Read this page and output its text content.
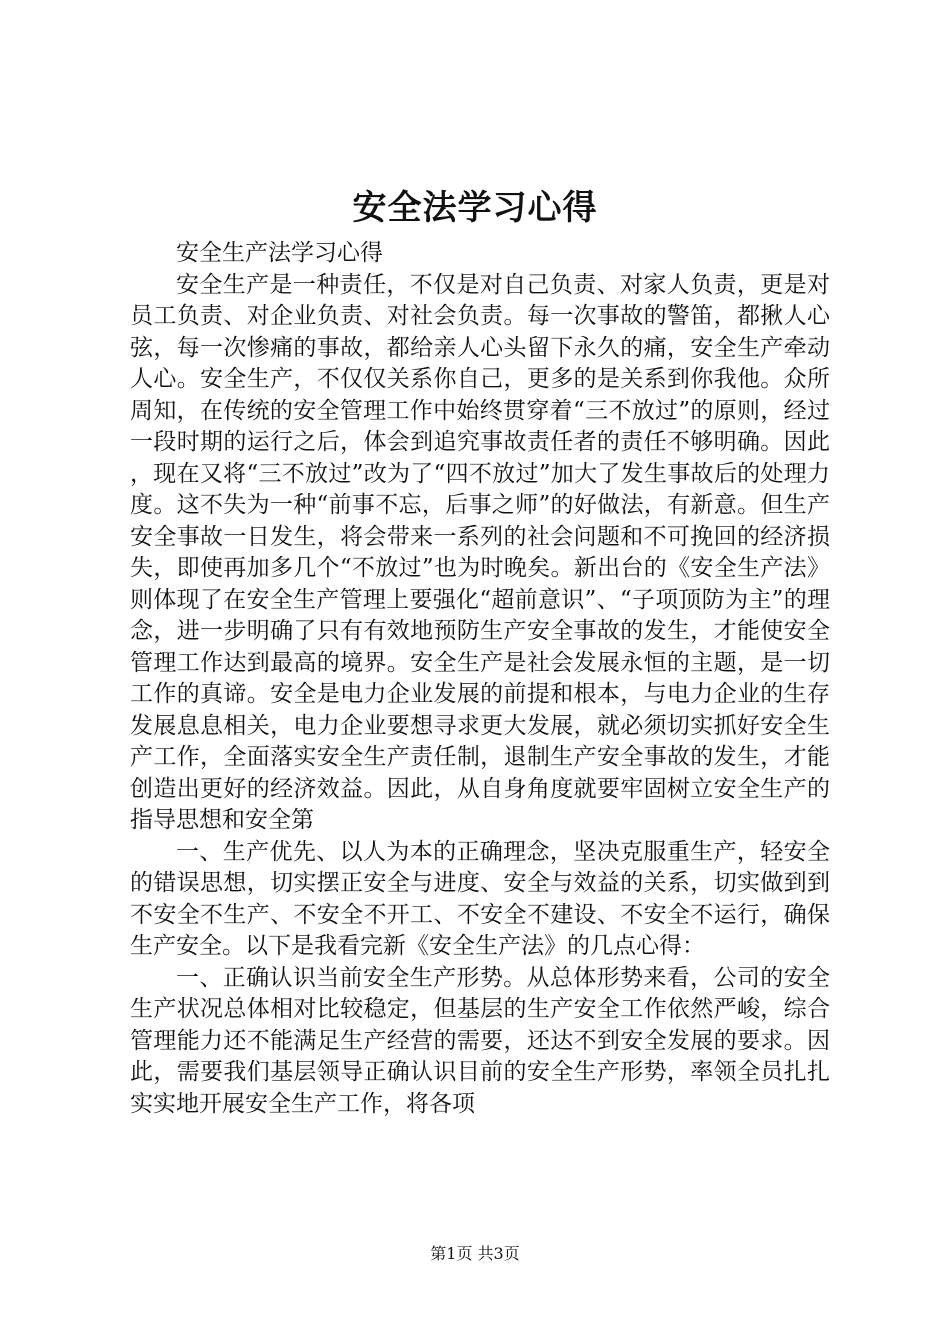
安全法学习心得

安全生产法学习心得

安全生产是一种责任，不仅是对自己负责、对家人负责，更是对员工负责、对企业负责、对社会负责。每一次事故的警笛，都揪人心弦，每一次惨痛的事故，都给亲人心头留下永久的痛，安全生产牵动人心。安全生产，不仅仅关系你自己，更多的是关系到你我他。众所周知，在传统的安全管理工作中始终贯穿着“三不放过”的原则，经过一段时期的运行之后，体会到追究事故责任者的责任不够明确。因此，现在又将“三不放过”改为了“四不放过”加大了发生事故后的处理力度。这不失为一种“前事不忘，后事之师”的好做法，有新意。但生产安全事故一日发生，将会带来一系列的社会问题和不可挽回的经济损失，即使再加多几个“不放过”也为时晚矣。新出台的《安全生产法》则体现了在安全生产管理上要强化“超前意识”、“子项顶防为主”的理念，进一步明确了只有有效地预防生产安全事故的发生，才能使安全管理工作达到最高的境界。安全生产是社会发展永恒的主题，是一切工作的真谛。安全是电力企业发展的前提和根本，与电力企业的生存发展息息相关，电力企业要想寻求更大发展，就必须切实抓好安全生产工作，全面落实安全生产责任制，退制生产安全事故的发生，才能创造出更好的经济效益。因此，从自身角度就要牢固树立安全生产的指导思想和安全第

一、生产优先、以人为本的正确理念，坚决克服重生产，轻安全的错误思想，切实摆正安全与进度、安全与效益的关系，切实做到到不安全不生产、不安全不开工、不安全不建设、不安全不运行，确保生产安全。以下是我看完新《安全生产法》的几点心得：

一、正确认识当前安全生产形势。从总体形势来看，公司的安全生产状况总体相对比较稳定，但基层的生产安全工作依然严峻，综合管理能力还不能满足生产经营的需要，还达不到安全发展的要求。因此，需要我们基层领导正确认识目前的安全生产形势，率领全员扎扎实实地开展安全生产工作，将各项

第1页 共3页
